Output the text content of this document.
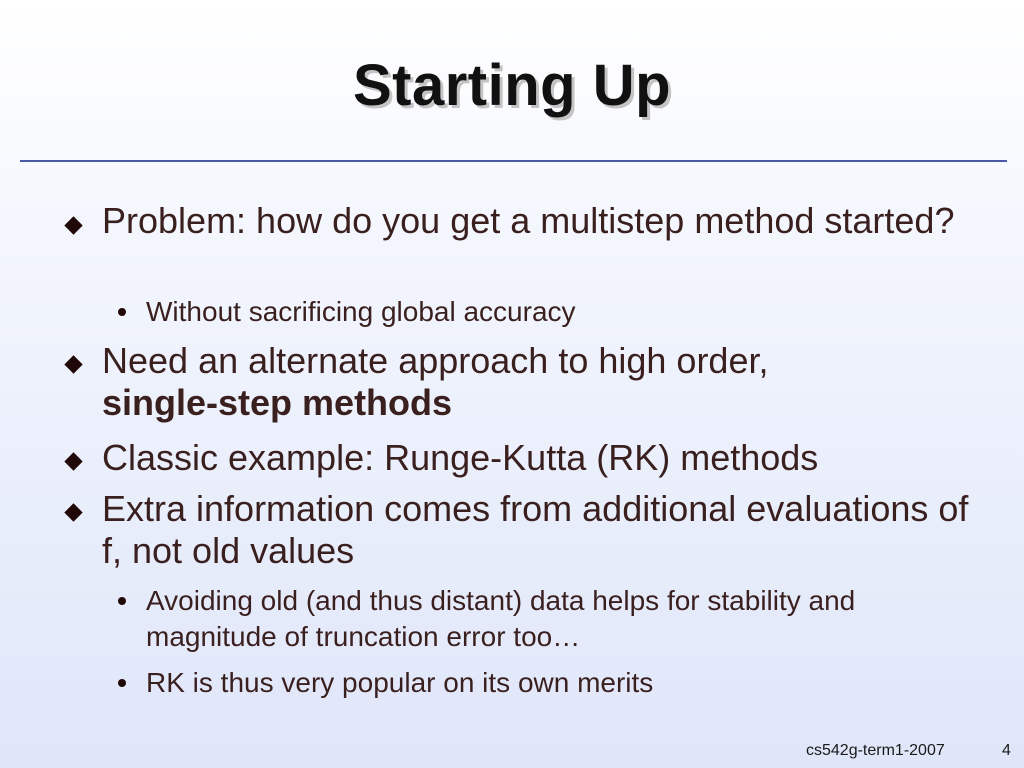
Starting Up
Problem: how do you get a multistep method started?
Without sacrificing global accuracy
Need an alternate approach to high order,
single-step methods
Classic example: Runge-Kutta (RK) methods
Extra information comes from additional evaluations of f, not old values
Avoiding old (and thus distant) data helps for stability and magnitude of truncation error too…
RK is thus very popular on its own merits
cs542g-term1-2007	4
